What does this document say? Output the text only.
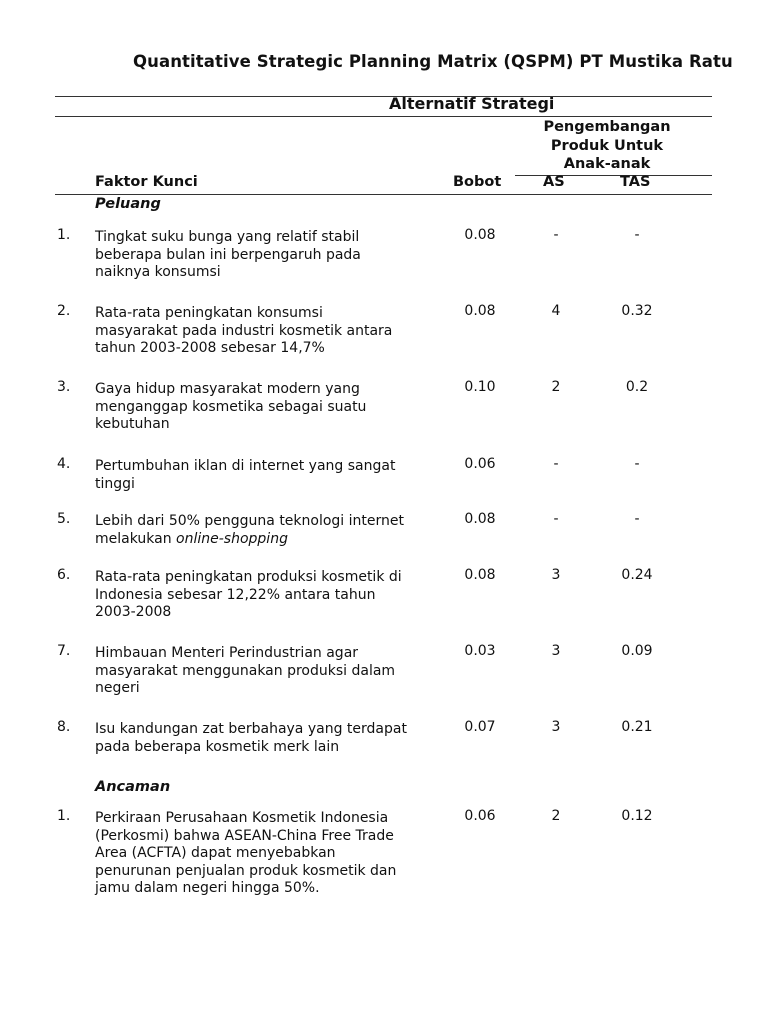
Quantitative Strategic Planning Matrix (QSPM) PT Mustika Ratu
Alternatif Strategi
Pengembangan
Produk Untuk
Anak-anak
Faktor Kunci	Bobot	AS	TAS
Peluang
1. Tingkat suku bunga yang relatif stabil
beberapa bulan ini berpengaruh pada
naiknya konsumsi
0.08	-	-
2. Rata-rata peningkatan konsumsi
masyarakat pada industri kosmetik antara
tahun 2003-2008 sebesar 14,7%
0.08	4	0.32
3. Gaya hidup masyarakat modern yang
menganggap kosmetika sebagai suatu
kebutuhan
0.10	2	0.2
4. Pertumbuhan iklan di internet yang sangat
tinggi
0.06	-	-
5. Lebih dari 50% pengguna teknologi internet
melakukan online-shopping
0.08	-	-
6. Rata-rata peningkatan produksi kosmetik di
Indonesia sebesar 12,22% antara tahun
2003-2008
0.08	3	0.24
7. Himbauan Menteri Perindustrian agar
masyarakat menggunakan produksi dalam
negeri
0.03	3	0.09
8. Isu kandungan zat berbahaya yang terdapat
pada beberapa kosmetik merk lain
0.07	3	0.21
Ancaman
1. Perkiraan Perusahaan Kosmetik Indonesia
(Perkosmi) bahwa ASEAN-China Free Trade
Area (ACFTA) dapat menyebabkan
penurunan penjualan produk kosmetik dan
jamu dalam negeri hingga 50%.
0.06	2	0.12
